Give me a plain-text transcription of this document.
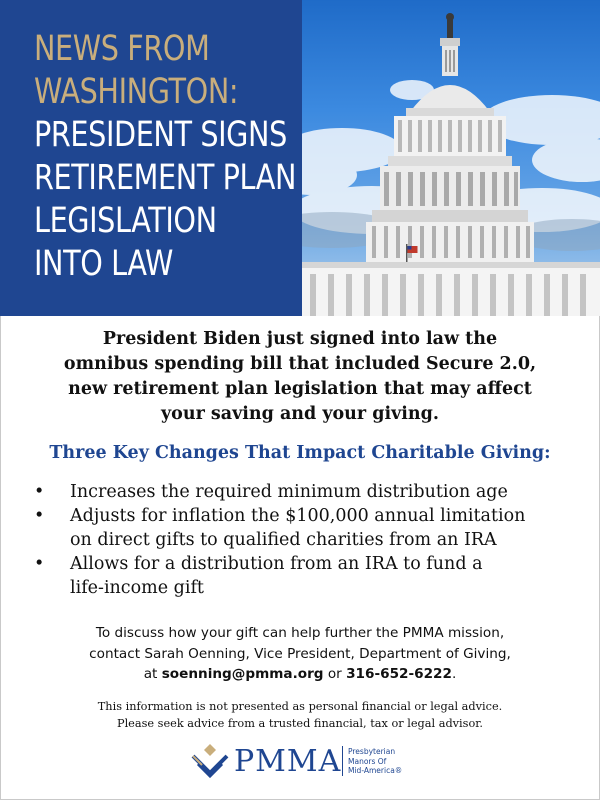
NEWS FROM
WASHINGTON:
PRESIDENT SIGNS
RETIREMENT PLAN
LEGISLATION
INTO LAW
President Biden just signed into law the
omnibus spending bill that included Secure 2.0,
new retirement plan legislation that may affect
your saving and your giving.
Three Key Changes That Impact Charitable Giving:
• Increases the required minimum distribution age
• Adjusts for inflation the $100,000 annual limitation
on direct gifts to qualified charities from an IRA
• Allows for a distribution from an IRA to fund a
life-income gift
To discuss how your gift can help further the PMMA mission,
contact Sarah Oenning, Vice President, Department of Giving,
at soenning@pmma.org or 316-652-6222.
This information is not presented as personal financial or legal advice.
Please seek advice from a trusted financial, tax or legal advisor.
PMMA Presbyterian
Manors Of
Mid-America®
